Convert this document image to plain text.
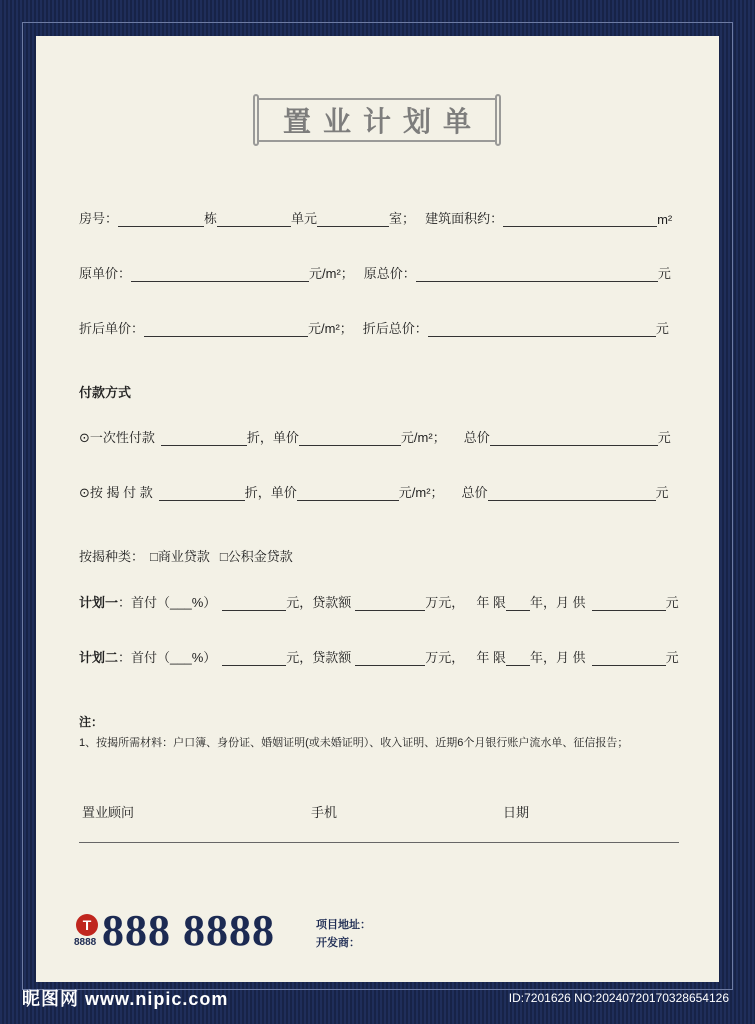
置业计划单
房号：	栋	单元	室； 建筑面积约：	m²
原单价：	元/m²； 原总价：	元
折后单价：	元/m²； 折后总价：	元
付款方式
⊙一次性付款	折，单价	元/m²； 总价	元
⊙按 揭 付 款	折，单价	元/m²； 总价	元
按揭种类： □商业贷款 □公积金贷款
计划一：首付（___%）	元，贷款额	万元， 年 限 年，月 供	元
计划二：首付（___%）	元，贷款额	万元， 年 限 年，月 供	元
注：
1、按揭所需材料：户口簿、身份证、婚姻证明(或未婚证明）、收入证明、近期6个月银行账户流水单、征信报告；
置业顾问	手机	日期
T
8888 888 8888	项目地址：
开发商：
昵图网 www.nipic.com	ID:7201626 NO:20240720170328654126
